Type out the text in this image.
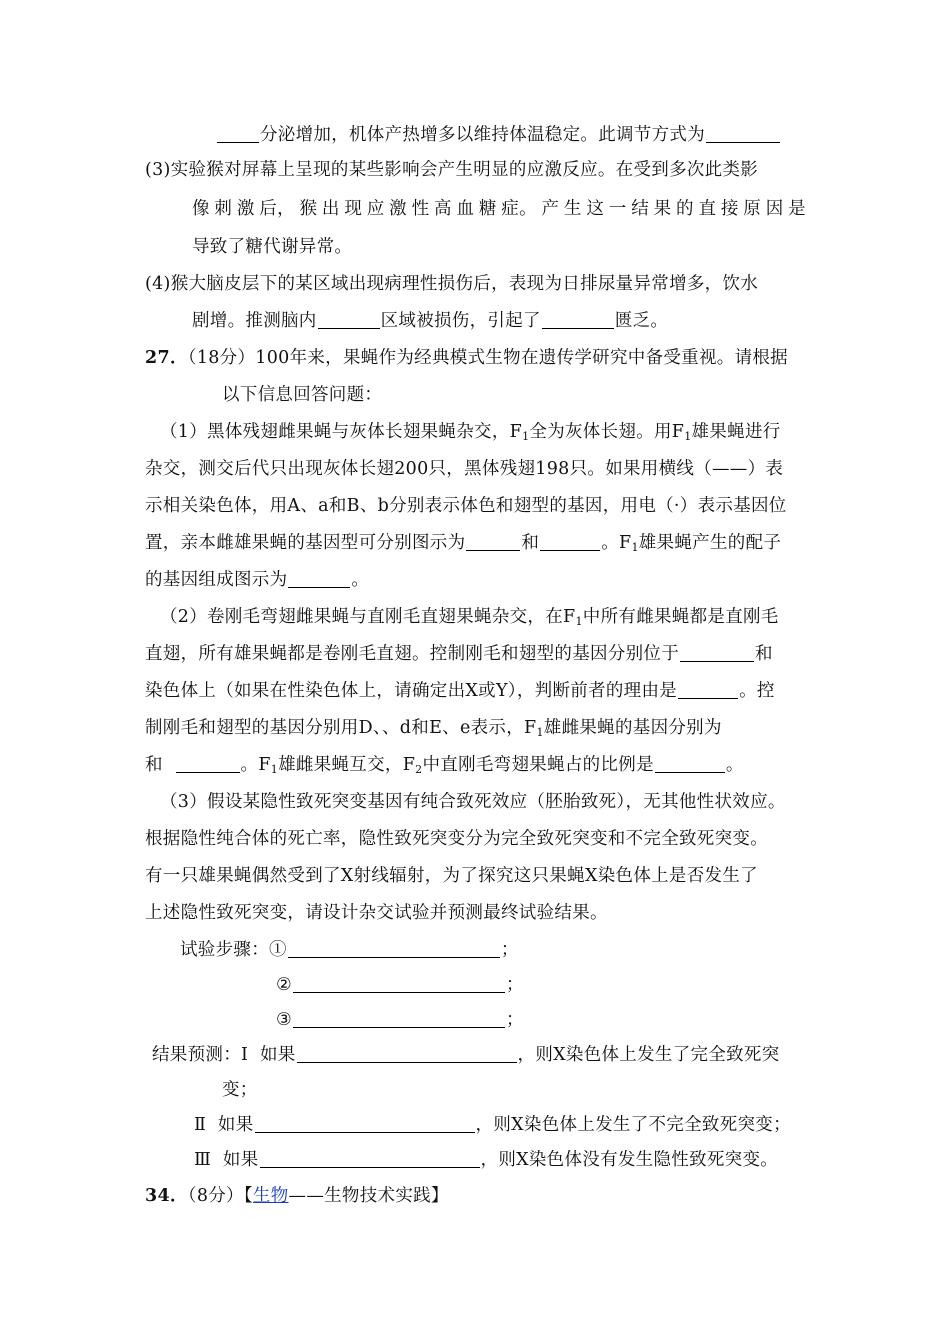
分泌增加，机体产热增多以维持体温稳定。此调节方式为
(3)实验猴对屏幕上呈现的某些影响会产生明显的应激反应。在受到多次此类影
像 刺 激 后， 猴 出 现 应 激 性 高 血 糖 症。 产 生 这 一 结 果 的 直 接 原 因 是
导致了糖代谢异常。
(4)猴大脑皮层下的某区域出现病理性损伤后，表现为日排尿量异常增多，饮水
剧增。推测脑内	区域被损伤，引起了	匮乏。
27．（18分）100年来，果蝇作为经典模式生物在遗传学研究中备受重视。请根据
以下信息回答问题：
（1）黑体残翅雌果蝇与灰体长翅果蝇杂交，$F_1$全为灰体长翅。用$F_1$雄果蝇进行
杂交，测交后代只出现灰体长翅200只，黑体残翅198只。如果用横线（——）表
示相关染色体，用A、a和B、b分别表示体色和翅型的基因，用电（·）表示基因位
置，亲本雌雄果蝇的基因型可分别图示为	和	。$F_1$雄果蝇产生的配子
的基因组成图示为	。
（2）卷刚毛弯翅雌果蝇与直刚毛直翅果蝇杂交，在$F_1$中所有雌果蝇都是直刚毛
直翅，所有雄果蝇都是卷刚毛直翅。控制刚毛和翅型的基因分别位于	和
染色体上（如果在性染色体上，请确定出X或Y），判断前者的理由是	。控
制刚毛和翅型的基因分别用D、、d和E、e表示，$F_1$雄雌果蝇的基因分别为
和	。$F_1$雄雌果蝇互交，$F_2$中直刚毛弯翅果蝇占的比例是	。
（3）假设某隐性致死突变基因有纯合致死效应（胚胎致死），无其他性状效应。
根据隐性纯合体的死亡率，隐性致死突变分为完全致死突变和不完全致死突变。
有一只雄果蝇偶然受到了X射线辐射，为了探究这只果蝇X染色体上是否发生了
上述隐性致死突变，请设计杂交试验并预测最终试验结果。
试验步骤：①	；
②	；
③	；
结果预测：Ⅰ  如果	，则X染色体上发生了完全致死突
变；
Ⅱ  如果	，则X染色体上发生了不完全致死突变；
Ⅲ  如果	，则X染色体没有发生隐性致死突变。
34．（8分）【生物——生物技术实践】
